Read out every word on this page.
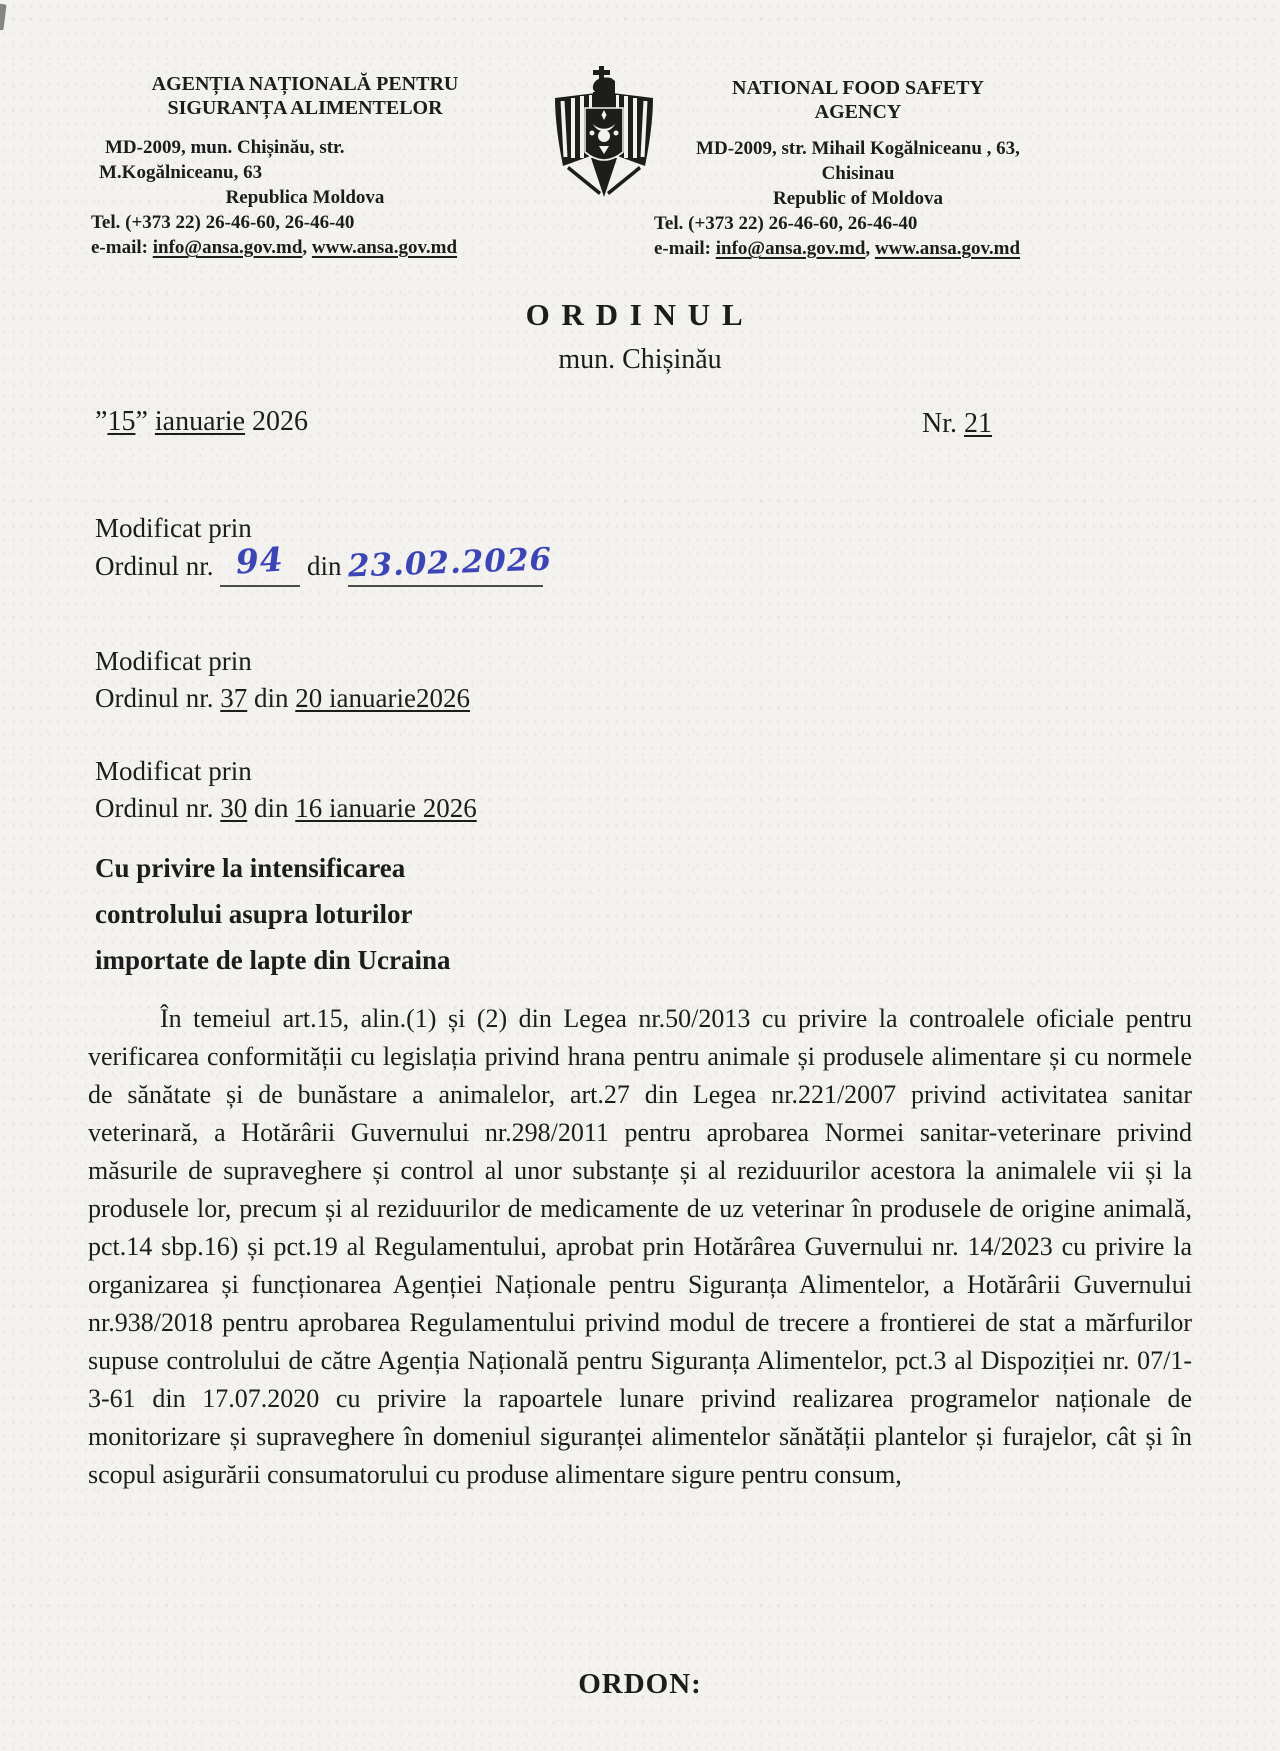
AGENȚIA NAȚIONALĂ PENTRU
SIGURANȚA ALIMENTELOR
MD-2009, mun. Chișinău, str.
M.Kogălniceanu, 63
Republica Moldova
Tel. (+373 22) 26-46-60, 26-46-40
e-mail: info@ansa.gov.md, www.ansa.gov.md
NATIONAL FOOD SAFETY
AGENCY
MD-2009, str. Mihail Kogălniceanu , 63,
Chisinau
Republic of Moldova
Tel. (+373 22) 26-46-60, 26-46-40
e-mail: info@ansa.gov.md, www.ansa.gov.md
ORDINUL
mun. Chișinău
”15” ianuarie 2026	Nr. 21
Modificat prin
Ordinul nr. 94 din 23.02.2026
Modificat prin
Ordinul nr. 37 din 20 ianuarie2026
Modificat prin
Ordinul nr. 30 din 16 ianuarie 2026
Cu privire la intensificarea
controlului asupra loturilor
importate de lapte din Ucraina
În temeiul art.15, alin.(1) și (2) din Legea nr.50/2013 cu privire la controalele oficiale pentru verificarea conformității cu legislația privind hrana pentru animale și produsele alimentare și cu normele de sănătate și de bunăstare a animalelor, art.27 din Legea nr.221/2007 privind activitatea sanitar veterinară, a Hotărârii Guvernului nr.298/2011 pentru aprobarea Normei sanitar-veterinare privind măsurile de supraveghere și control al unor substanțe și al reziduurilor acestora la animalele vii și la produsele lor, precum și al reziduurilor de medicamente de uz veterinar în produsele de origine animală, pct.14 sbp.16) și pct.19 al Regulamentului, aprobat prin Hotărârea Guvernului nr. 14/2023 cu privire la organizarea și funcționarea Agenției Naționale pentru Siguranța Alimentelor, a Hotărârii Guvernului nr.938/2018 pentru aprobarea Regulamentului privind modul de trecere a frontierei de stat a mărfurilor supuse controlului de către Agenția Națională pentru Siguranța Alimentelor, pct.3 al Dispoziției nr. 07/1-3-61 din 17.07.2020 cu privire la rapoartele lunare privind realizarea programelor naționale de monitorizare și supraveghere în domeniul siguranței alimentelor sănătății plantelor și furajelor, cât și în scopul asigurării consumatorului cu produse alimentare sigure pentru consum,
ORDON:
